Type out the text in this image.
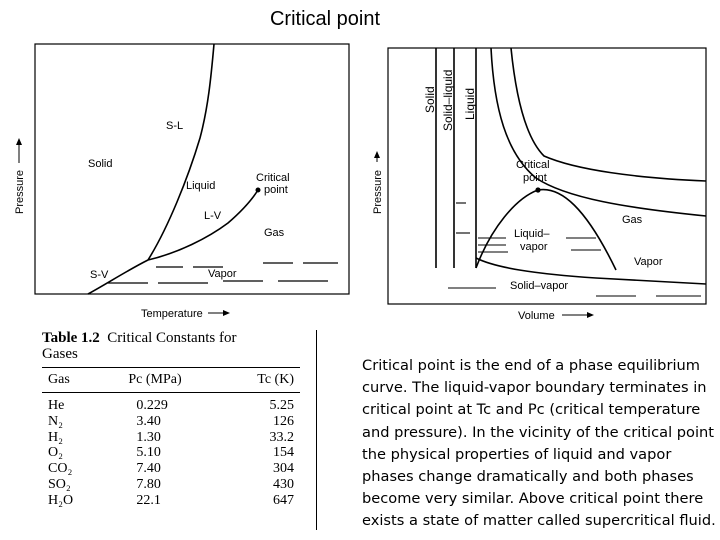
Critical point
S-L
Solid
Liquid
Critical
point
L-V
Gas
S-V	Vapor
Pressure
Temperature
Solid Solid–liquid Liquid
Critical
point
Gas
Liquid–
vapor
Vapor
Solid–vapor
Pressure
Volume
Table 1.2 Critical Constants for
Gases
Gas	Pc (MPa)	Tc (K)
He	0.229	5.25
N₂	3.40	126
H₂	1.30	33.2
O₂	5.10	154
CO₂	7.40	304
SO₂	7.80	430
H₂O	22.1	647
Critical point is the end of a phase equilibrium curve. The liquid-vapor boundary terminates in critical point at Tc and Pc (critical temperature and pressure). In the vicinity of the critical point the physical properties of liquid and vapor phases change dramatically and both phases become very similar. Above critical point there exists a state of matter called supercritical fluid.
